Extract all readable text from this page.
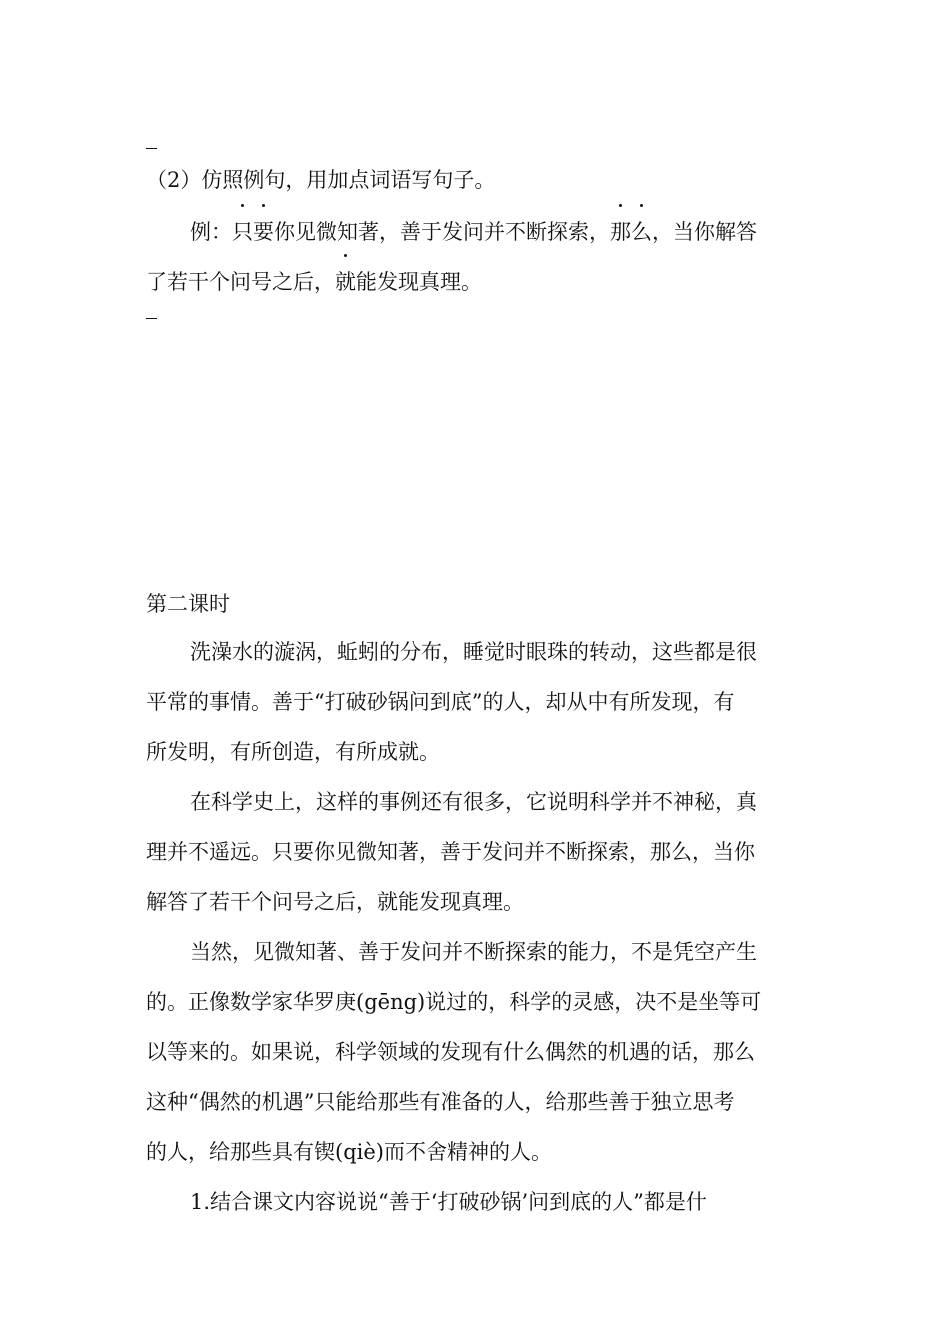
（2）仿照例句，用加点词语写句子。
例：只要你见微知著，善于发问并不断探索，那么，当你解答
了若干个问号之后，就能发现真理。
第二课时
洗澡水的漩涡，蚯蚓的分布，睡觉时眼珠的转动，这些都是很
平常的事情。善于“打破砂锅问到底”的人，却从中有所发现，有
所发明，有所创造，有所成就。
在科学史上，这样的事例还有很多，它说明科学并不神秘，真
理并不遥远。只要你见微知著，善于发问并不断探索，那么，当你
解答了若干个问号之后，就能发现真理。
当然，见微知著、善于发问并不断探索的能力，不是凭空产生
的。正像数学家华罗庚(gēng)说过的，科学的灵感，决不是坐等可
以等来的。如果说，科学领域的发现有什么偶然的机遇的话，那么
这种“偶然的机遇”只能给那些有准备的人，给那些善于独立思考
的人，给那些具有锲(qiè)而不舍精神的人。
1.结合课文内容说说“善于‘打破砂锅’问到底的人”都是什
